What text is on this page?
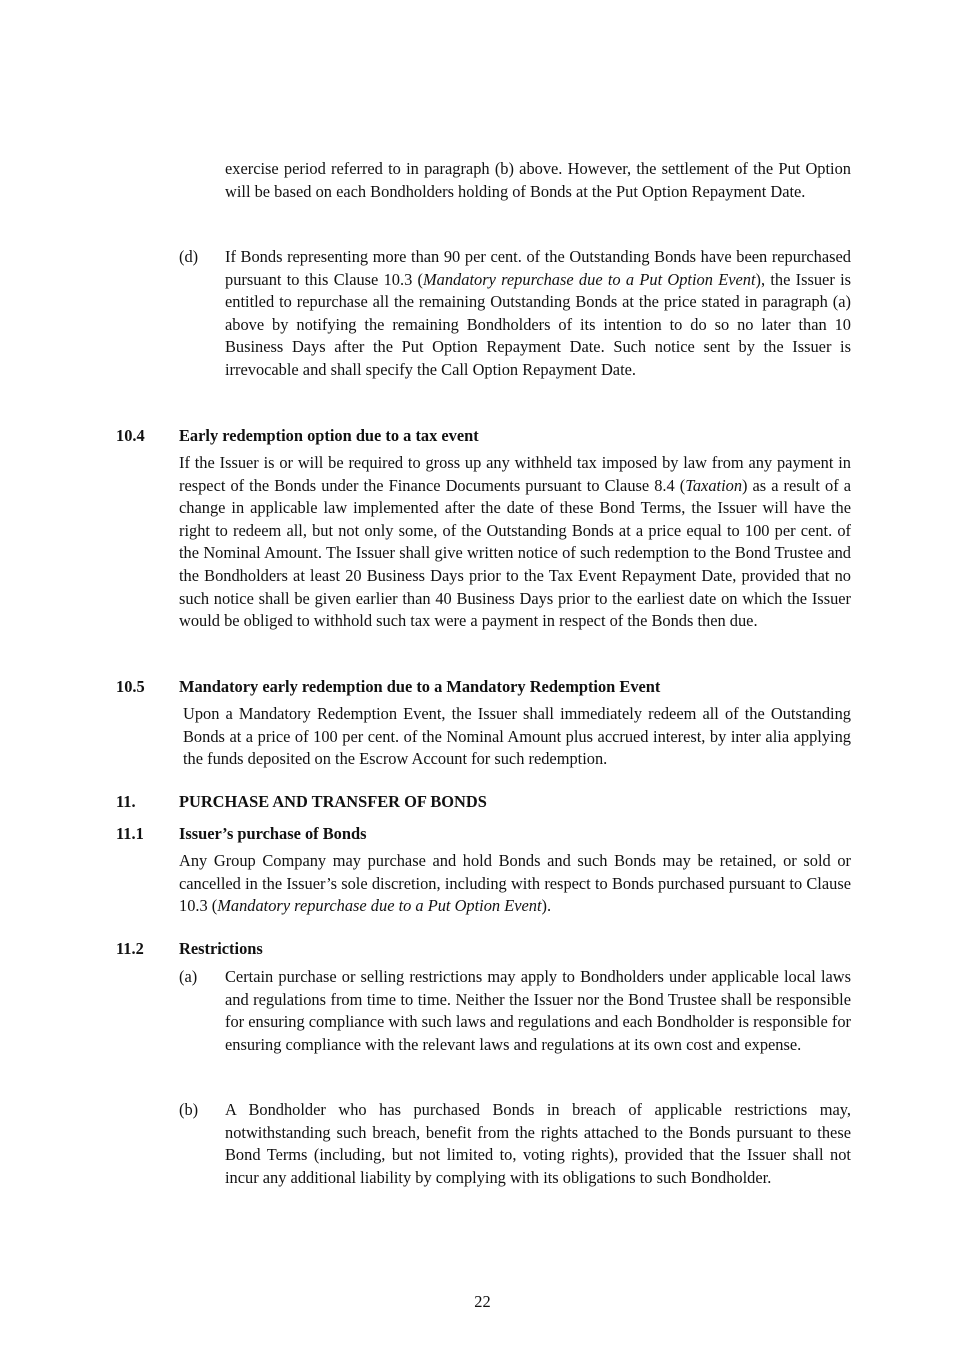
exercise period referred to in paragraph (b) above. However, the settlement of the Put Option will be based on each Bondholders holding of Bonds at the Put Option Repayment Date.

(d) If Bonds representing more than 90 per cent. of the Outstanding Bonds have been repurchased pursuant to this Clause 10.3 (Mandatory repurchase due to a Put Option Event), the Issuer is entitled to repurchase all the remaining Outstanding Bonds at the price stated in paragraph (a) above by notifying the remaining Bondholders of its intention to do so no later than 10 Business Days after the Put Option Repayment Date. Such notice sent by the Issuer is irrevocable and shall specify the Call Option Repayment Date.

10.4 Early redemption option due to a tax event

If the Issuer is or will be required to gross up any withheld tax imposed by law from any payment in respect of the Bonds under the Finance Documents pursuant to Clause 8.4 (Taxation) as a result of a change in applicable law implemented after the date of these Bond Terms, the Issuer will have the right to redeem all, but not only some, of the Outstanding Bonds at a price equal to 100 per cent. of the Nominal Amount. The Issuer shall give written notice of such redemption to the Bond Trustee and the Bondholders at least 20 Business Days prior to the Tax Event Repayment Date, provided that no such notice shall be given earlier than 40 Business Days prior to the earliest date on which the Issuer would be obliged to withhold such tax were a payment in respect of the Bonds then due.

10.5 Mandatory early redemption due to a Mandatory Redemption Event

Upon a Mandatory Redemption Event, the Issuer shall immediately redeem all of the Outstanding Bonds at a price of 100 per cent. of the Nominal Amount plus accrued interest, by inter alia applying the funds deposited on the Escrow Account for such redemption.

11.	PURCHASE AND TRANSFER OF BONDS
11.1 Issuer’s purchase of Bonds

Any Group Company may purchase and hold Bonds and such Bonds may be retained, or sold or cancelled in the Issuer’s sole discretion, including with respect to Bonds purchased pursuant to Clause 10.3 (Mandatory repurchase due to a Put Option Event).

11.2 Restrictions
(a) Certain purchase or selling restrictions may apply to Bondholders under applicable local laws and regulations from time to time. Neither the Issuer nor the Bond Trustee shall be responsible for ensuring compliance with such laws and regulations and each Bondholder is responsible for ensuring compliance with the relevant laws and regulations at its own cost and expense.

(b) A Bondholder who has purchased Bonds in breach of applicable restrictions may, notwithstanding such breach, benefit from the rights attached to the Bonds pursuant to these Bond Terms (including, but not limited to, voting rights), provided that the Issuer shall not incur any additional liability by complying with its obligations to such Bondholder.

22
